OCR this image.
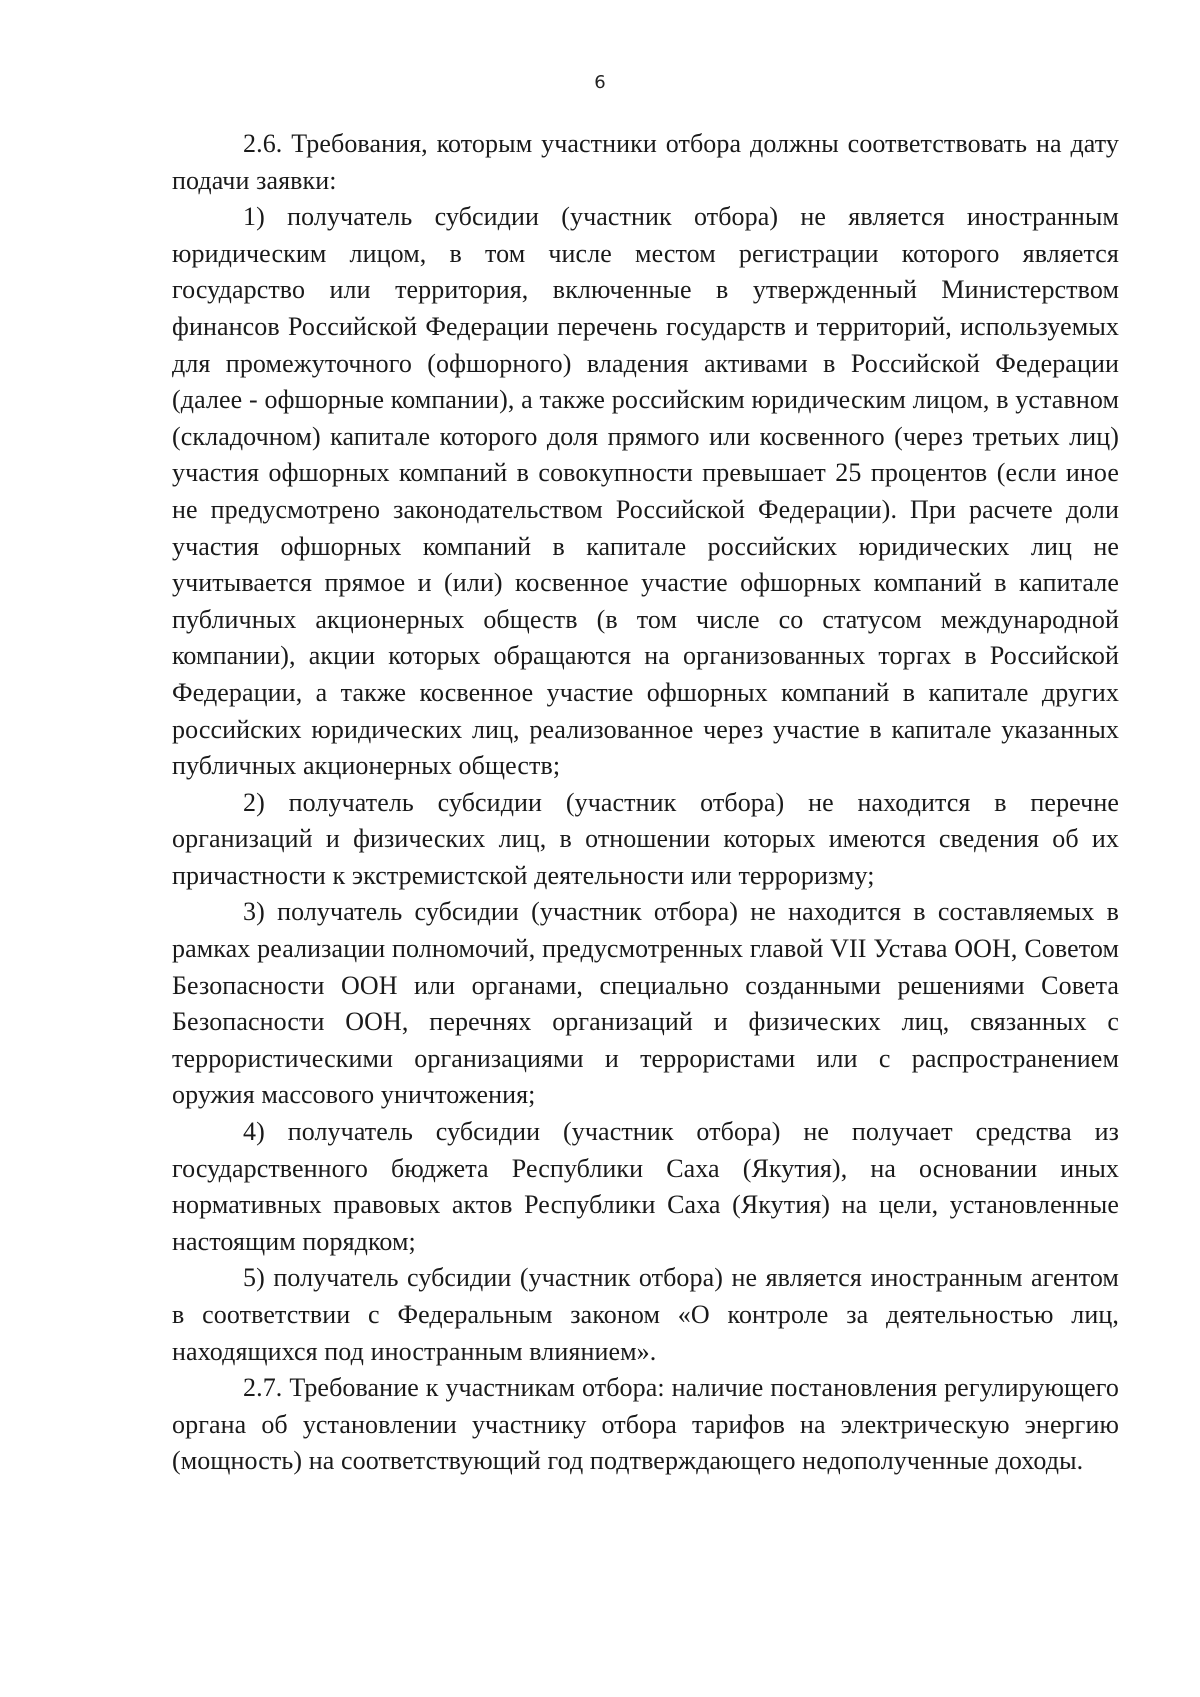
6

2.6. Требования, которым участники отбора должны соответствовать на дату подачи заявки:

1) получатель субсидии (участник отбора) не является иностранным юридическим лицом, в том числе местом регистрации которого является государство или территория, включенные в утвержденный Министерством финансов Российской Федерации перечень государств и территорий, используемых для промежуточного (офшорного) владения активами в Российской Федерации (далее - офшорные компании), а также российским юридическим лицом, в уставном (складочном) капитале которого доля прямого или косвенного (через третьих лиц) участия офшорных компаний в совокупности превышает 25 процентов (если иное не предусмотрено законодательством Российской Федерации). При расчете доли участия офшорных компаний в капитале российских юридических лиц не учитывается прямое и (или) косвенное участие офшорных компаний в капитале публичных акционерных обществ (в том числе со статусом международной компании), акции которых обращаются на организованных торгах в Российской Федерации, а также косвенное участие офшорных компаний в капитале других российских юридических лиц, реализованное через участие в капитале указанных публичных акционерных обществ;

2) получатель субсидии (участник отбора) не находится в перечне организаций и физических лиц, в отношении которых имеются сведения об их причастности к экстремистской деятельности или терроризму;

3) получатель субсидии (участник отбора) не находится в составляемых в рамках реализации полномочий, предусмотренных главой VII Устава ООН, Советом Безопасности ООН или органами, специально созданными решениями Совета Безопасности ООН, перечнях организаций и физических лиц, связанных с террористическими организациями и террористами или с распространением оружия массового уничтожения;

4) получатель субсидии (участник отбора) не получает средства из государственного бюджета Республики Саха (Якутия), на основании иных нормативных правовых актов Республики Саха (Якутия) на цели, установленные настоящим порядком;

5) получатель субсидии (участник отбора) не является иностранным агентом в соответствии с Федеральным законом «О контроле за деятельностью лиц, находящихся под иностранным влиянием».

2.7. Требование к участникам отбора: наличие постановления регулирующего органа об установлении участнику отбора тарифов на электрическую энергию (мощность) на соответствующий год подтверждающего недополученные доходы.
